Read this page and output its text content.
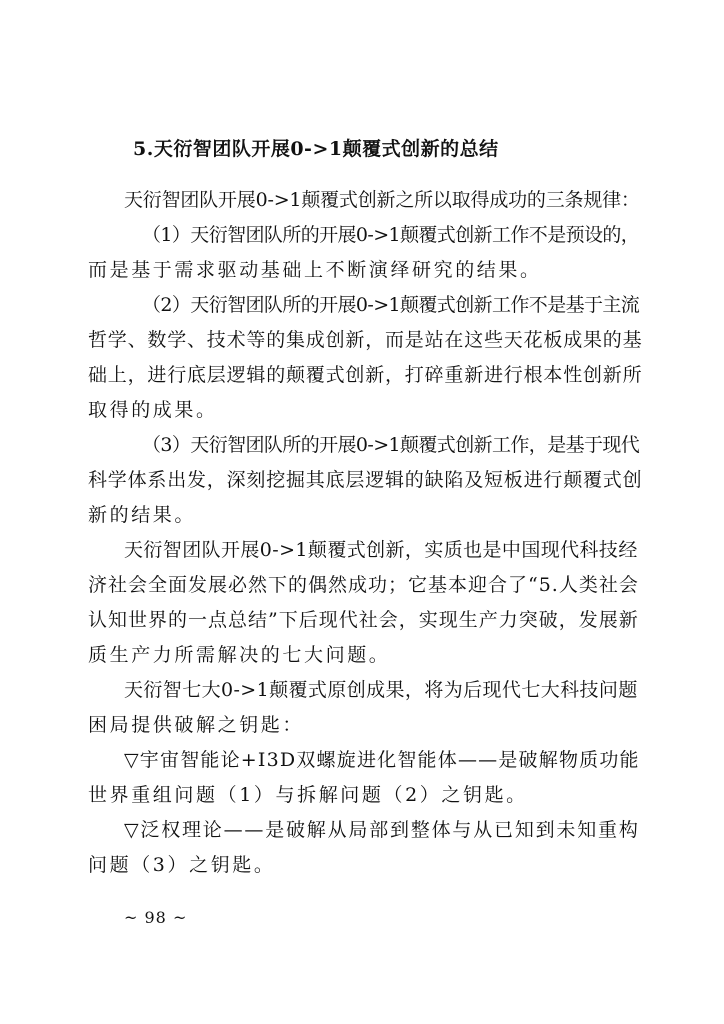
5.天衍智团队开展0->1颠覆式创新的总结
天衍智团队开展0->1颠覆式创新之所以取得成功的三条规律：
（1）天衍智团队所的开展0->1颠覆式创新工作不是预设的，
而是基于需求驱动基础上不断演绎研究的结果。
（2）天衍智团队所的开展0->1颠覆式创新工作不是基于主流
哲学、数学、技术等的集成创新，而是站在这些天花板成果的基
础上，进行底层逻辑的颠覆式创新，打碎重新进行根本性创新所
取得的成果。
（3）天衍智团队所的开展0->1颠覆式创新工作，是基于现代
科学体系出发，深刻挖掘其底层逻辑的缺陷及短板进行颠覆式创
新的结果。
天衍智团队开展0->1颠覆式创新，实质也是中国现代科技经
济社会全面发展必然下的偶然成功；它基本迎合了“5.人类社会
认知世界的一点总结”下后现代社会，实现生产力突破，发展新
质生产力所需解决的七大问题。
天衍智七大0->1颠覆式原创成果，将为后现代七大科技问题
困局提供破解之钥匙：
▽宇宙智能论+I3D双螺旋进化智能体——是破解物质功能
世界重组问题（1）与拆解问题（2）之钥匙。
▽泛权理论——是破解从局部到整体与从已知到未知重构
问题（3）之钥匙。
~ 98 ~
